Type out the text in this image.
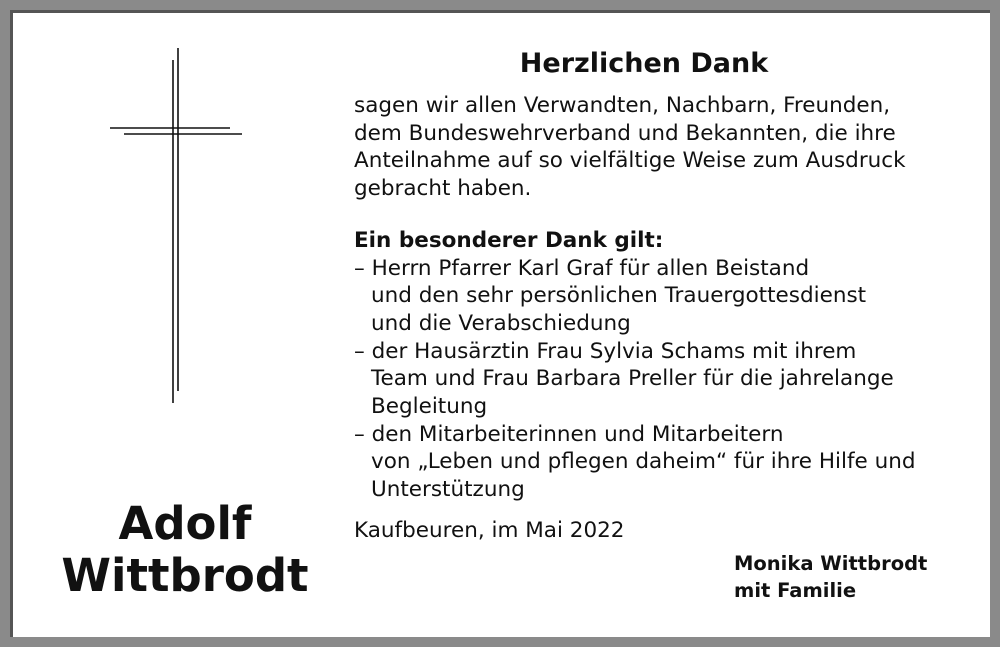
Adolf
Wittbrodt
Herzlichen Dank
sagen wir allen Verwandten, Nachbarn, Freunden,
dem Bundeswehrverband und Bekannten, die ihre
Anteilnahme auf so vielfältige Weise zum Ausdruck
gebracht haben.
Ein besonderer Dank gilt:
– Herrn Pfarrer Karl Graf für allen Beistand
und den sehr persönlichen Trauergottesdienst
und die Verabschiedung
– der Hausärztin Frau Sylvia Schams mit ihrem
Team und Frau Barbara Preller für die jahrelange
Begleitung
– den Mitarbeiterinnen und Mitarbeitern
von „Leben und pflegen daheim“ für ihre Hilfe und
Unterstützung
Kaufbeuren, im Mai 2022
Monika Wittbrodt
mit Familie
